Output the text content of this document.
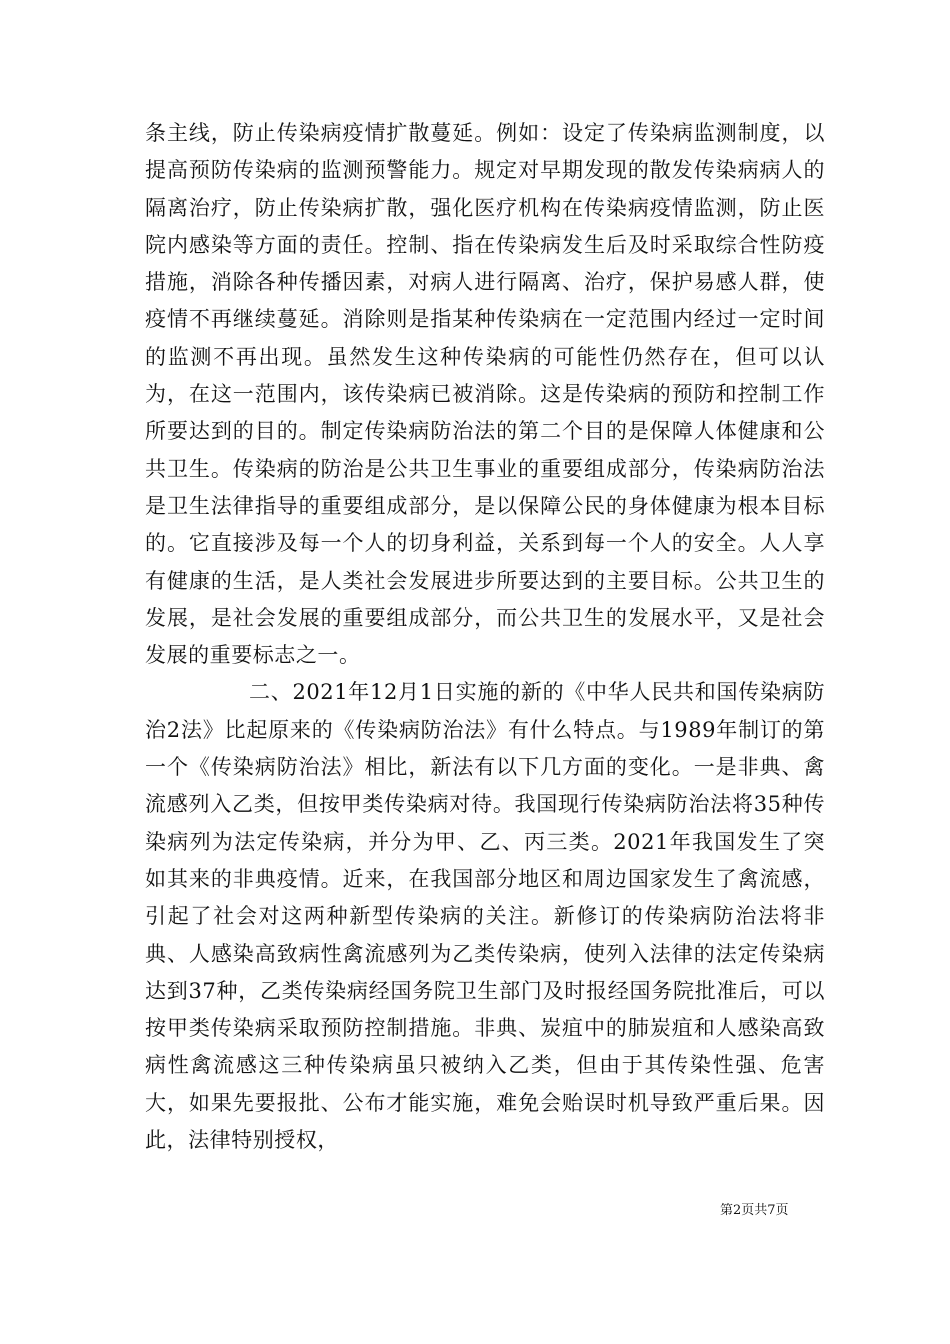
条主线，防止传染病疫情扩散蔓延。例如：设定了传染病监测制度，以提高预防传染病的监测预警能力。规定对早期发现的散发传染病病人的隔离治疗，防止传染病扩散，强化医疗机构在传染病疫情监测，防止医院内感染等方面的责任。控制、指在传染病发生后及时采取综合性防疫措施，消除各种传播因素，对病人进行隔离、治疗，保护易感人群，使疫情不再继续蔓延。消除则是指某种传染病在一定范围内经过一定时间的监测不再出现。虽然发生这种传染病的可能性仍然存在，但可以认为，在这一范围内，该传染病已被消除。这是传染病的预防和控制工作所要达到的目的。制定传染病防治法的第二个目的是保障人体健康和公共卫生。传染病的防治是公共卫生事业的重要组成部分，传染病防治法是卫生法律指导的重要组成部分，是以保障公民的身体健康为根本目标的。它直接涉及每一个人的切身利益，关系到每一个人的安全。人人享有健康的生活，是人类社会发展进步所要达到的主要目标。公共卫生的发展，是社会发展的重要组成部分，而公共卫生的发展水平，又是社会发展的重要标志之一。

二、2021年12月1日实施的新的《中华人民共和国传染病防治2法》比起原来的《传染病防治法》有什么特点。与1989年制订的第一个《传染病防治法》相比，新法有以下几方面的变化。一是非典、禽流感列入乙类，但按甲类传染病对待。我国现行传染病防治法将35种传染病列为法定传染病，并分为甲、乙、丙三类。2021年我国发生了突如其来的非典疫情。近来，在我国部分地区和周边国家发生了禽流感，引起了社会对这两种新型传染病的关注。新修订的传染病防治法将非典、人感染高致病性禽流感列为乙类传染病，使列入法律的法定传染病达到37种，乙类传染病经国务院卫生部门及时报经国务院批准后，可以按甲类传染病采取预防控制措施。非典、炭疽中的肺炭疽和人感染高致病性禽流感这三种传染病虽只被纳入乙类，但由于其传染性强、危害大，如果先要报批、公布才能实施，难免会贻误时机导致严重后果。因此，法律特别授权，

第2页共7页
